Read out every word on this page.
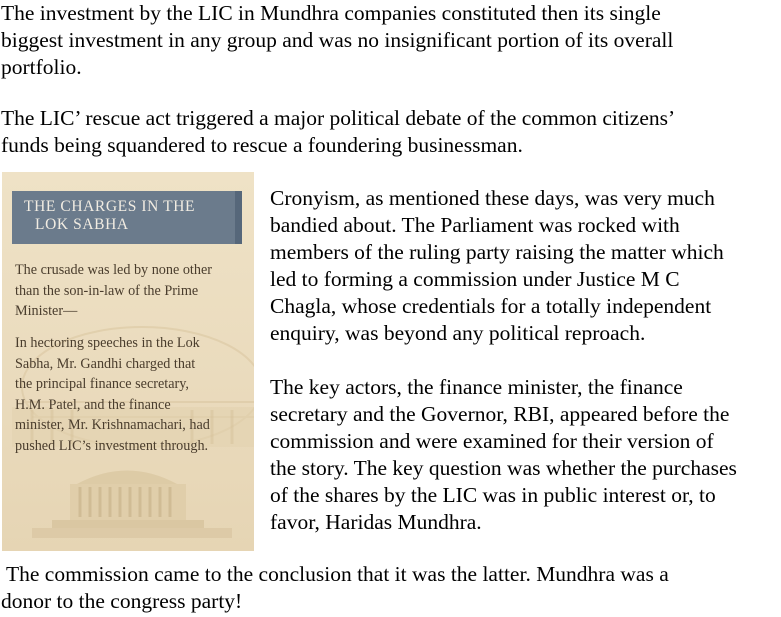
The investment by the LIC in Mundhra companies constituted then its single
biggest investment in any group and was no insignificant portion of its overall
portfolio.

The LIC’ rescue act triggered a major political debate of the common citizens’
funds being squandered to rescue a foundering businessman.

THE CHARGES IN THE
LOK SABHA
The crusade was led by none other
than the son-in-law of the Prime
Minister—
In hectoring speeches in the Lok
Sabha, Mr. Gandhi charged that
the principal finance secretary,
H.M. Patel, and the finance
minister, Mr. Krishnamachari, had
pushed LIC’s investment through.

Cronyism, as mentioned these days, was very much
bandied about. The Parliament was rocked with
members of the ruling party raising the matter which
led to forming a commission under Justice M C
Chagla, whose credentials for a totally independent
enquiry, was beyond any political reproach.

The key actors, the finance minister, the finance
secretary and the Governor, RBI, appeared before the
commission and were examined for their version of
the story. The key question was whether the purchases
of the shares by the LIC was in public interest or, to
favor, Haridas Mundhra.

The commission came to the conclusion that it was the latter. Mundhra was a
donor to the congress party!
